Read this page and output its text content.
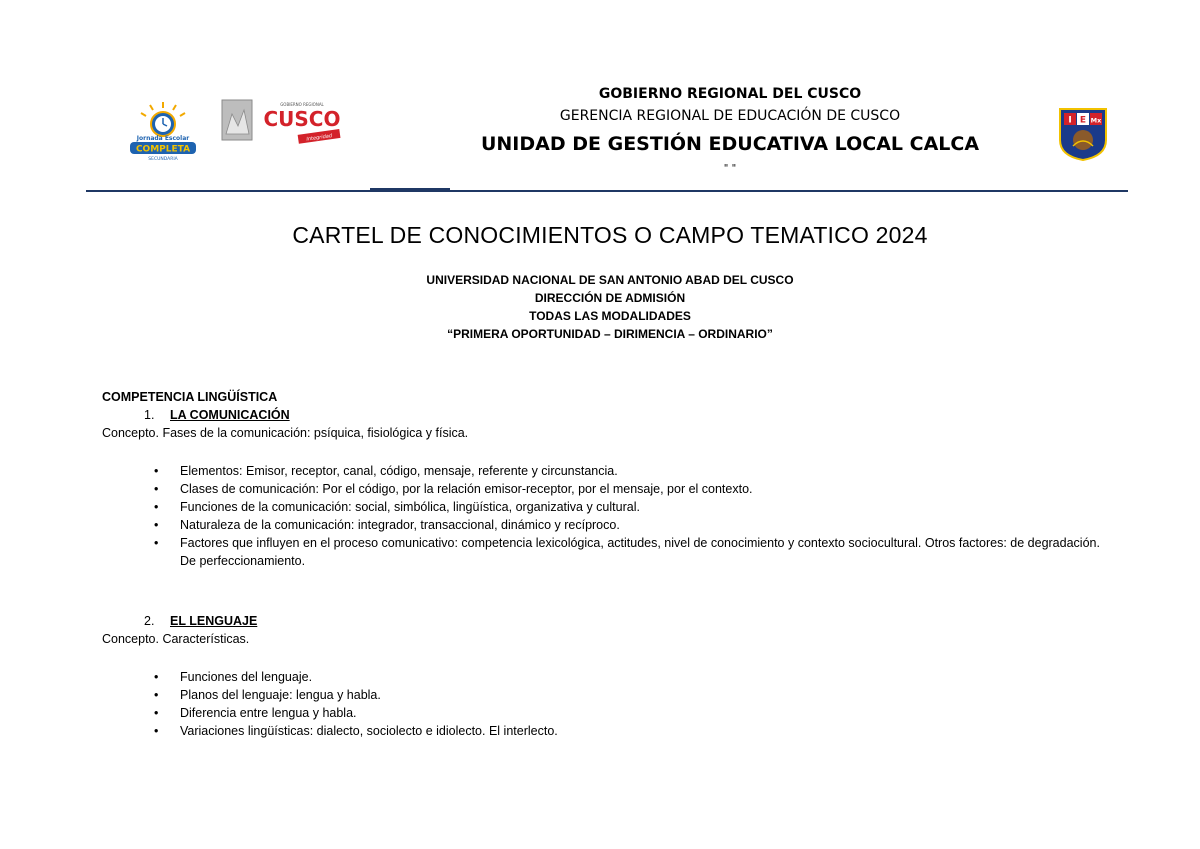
Jornada Escolar
COMPLETA
SECUNDARIA
GOBIERNO REGIONAL
CUSCO
Integridad
GOBIERNO REGIONAL DEL CUSCO
GERENCIA REGIONAL DE EDUCACIÓN DE CUSCO
UNIDAD DE GESTIÓN EDUCATIVA LOCAL CALCA
" "
I E Mx
CARTEL DE CONOCIMIENTOS O CAMPO TEMATICO 2024
UNIVERSIDAD NACIONAL DE SAN ANTONIO ABAD DEL CUSCO
DIRECCIÓN DE ADMISIÓN
TODAS LAS MODALIDADES
“PRIMERA OPORTUNIDAD – DIRIMENCIA – ORDINARIO”
COMPETENCIA LINGÜÍSTICA
1. LA COMUNICACIÓN
Concepto. Fases de la comunicación: psíquica, fisiológica y física.
• Elementos: Emisor, receptor, canal, código, mensaje, referente y circunstancia.
• Clases de comunicación: Por el código, por la relación emisor-receptor, por el mensaje, por el contexto.
• Funciones de la comunicación: social, simbólica, lingüística, organizativa y cultural.
• Naturaleza de la comunicación: integrador, transaccional, dinámico y recíproco.
• Factores que influyen en el proceso comunicativo: competencia lexicológica, actitudes, nivel de conocimiento y contexto sociocultural. Otros factores: de degradación. De perfeccionamiento.
2. EL LENGUAJE
Concepto. Características.
• Funciones del lenguaje.
• Planos del lenguaje: lengua y habla.
• Diferencia entre lengua y habla.
• Variaciones lingüísticas: dialecto, sociolecto e idiolecto. El interlecto.
